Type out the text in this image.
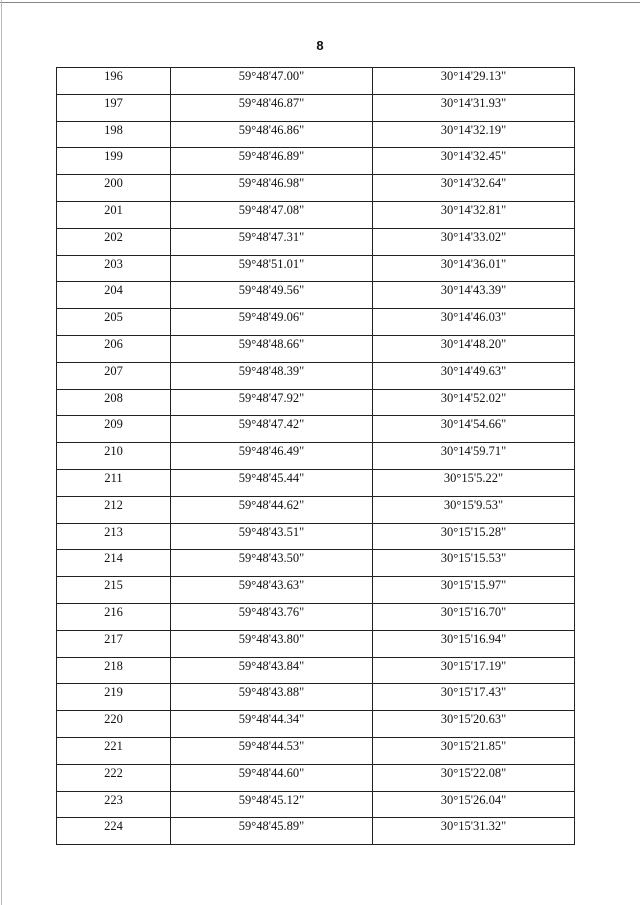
8
196	59°48'47.00"	30°14'29.13"
197	59°48'46.87"	30°14'31.93"
198	59°48'46.86"	30°14'32.19"
199	59°48'46.89"	30°14'32.45"
200	59°48'46.98"	30°14'32.64"
201	59°48'47.08"	30°14'32.81"
202	59°48'47.31"	30°14'33.02"
203	59°48'51.01"	30°14'36.01"
204	59°48'49.56"	30°14'43.39"
205	59°48'49.06"	30°14'46.03"
206	59°48'48.66"	30°14'48.20"
207	59°48'48.39"	30°14'49.63"
208	59°48'47.92"	30°14'52.02"
209	59°48'47.42"	30°14'54.66"
210	59°48'46.49"	30°14'59.71"
211	59°48'45.44"	30°15'5.22"
212	59°48'44.62"	30°15'9.53"
213	59°48'43.51"	30°15'15.28"
214	59°48'43.50"	30°15'15.53"
215	59°48'43.63"	30°15'15.97"
216	59°48'43.76"	30°15'16.70"
217	59°48'43.80"	30°15'16.94"
218	59°48'43.84"	30°15'17.19"
219	59°48'43.88"	30°15'17.43"
220	59°48'44.34"	30°15'20.63"
221	59°48'44.53"	30°15'21.85"
222	59°48'44.60"	30°15'22.08"
223	59°48'45.12"	30°15'26.04"
224	59°48'45.89"	30°15'31.32"
